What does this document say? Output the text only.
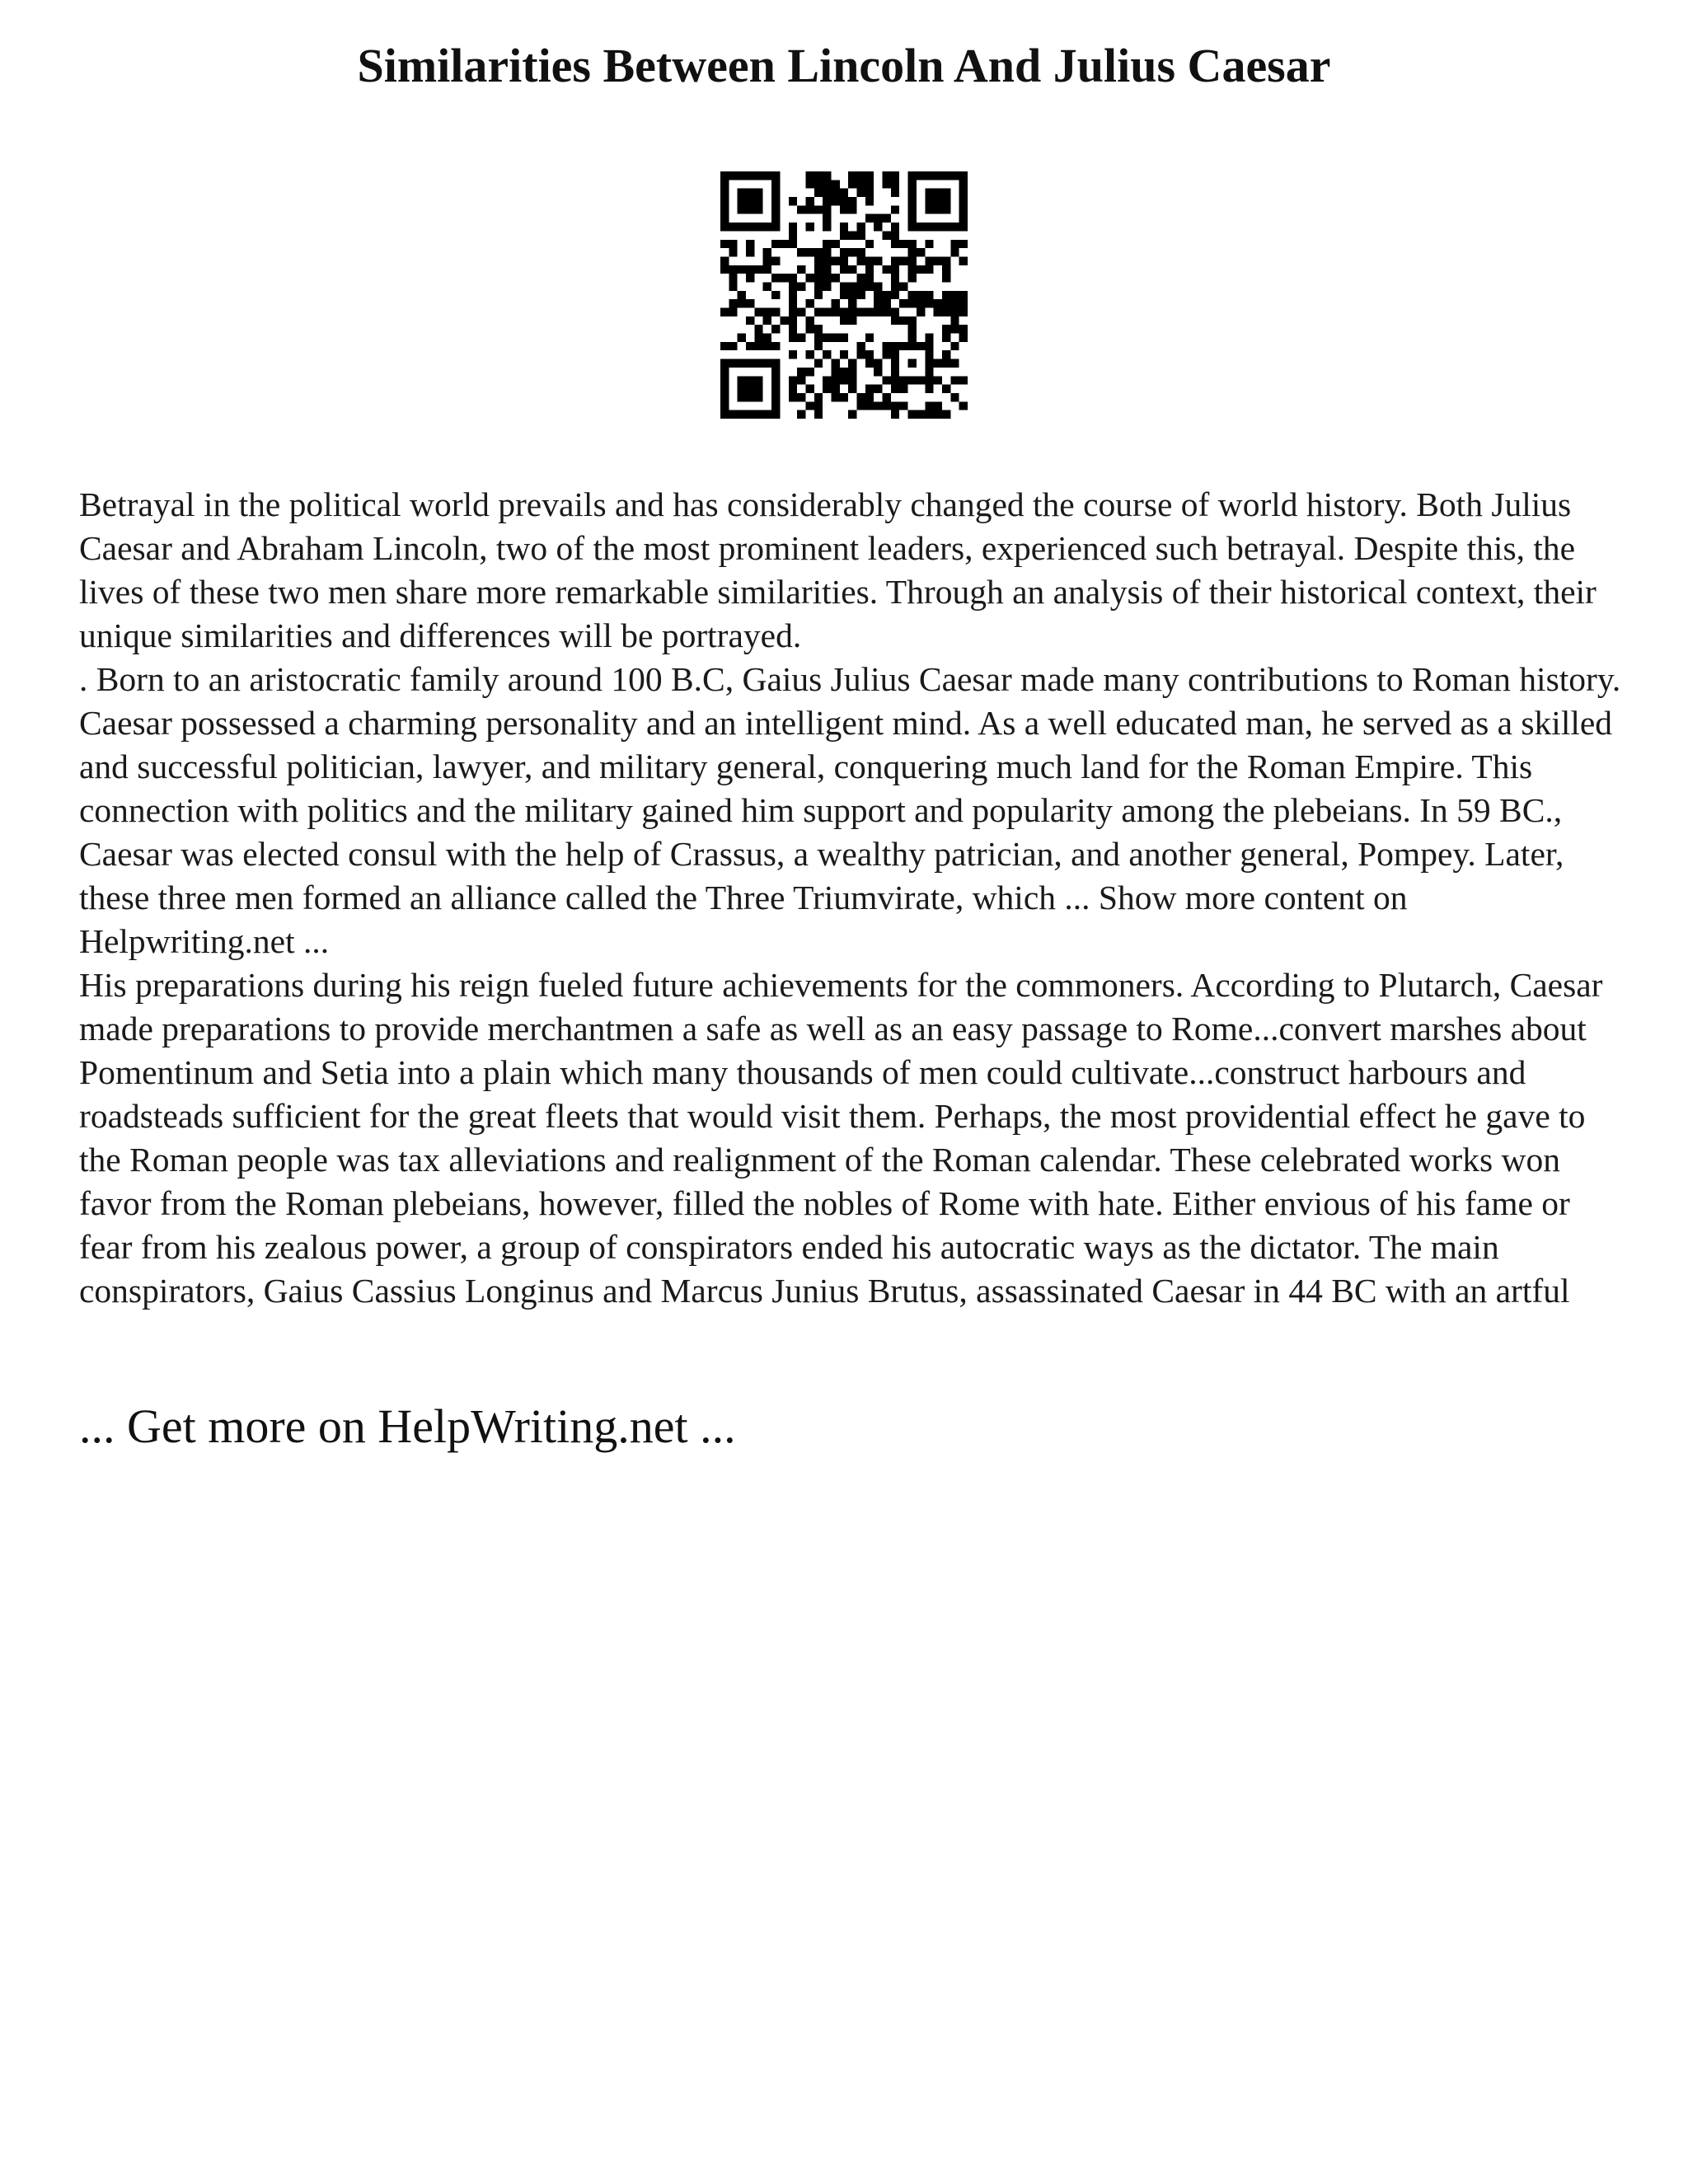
Similarities Between Lincoln And Julius Caesar

Betrayal in the political world prevails and has considerably changed the course of world history. Both Julius Caesar and Abraham Lincoln, two of the most prominent leaders, experienced such betrayal. Despite this, the lives of these two men share more remarkable similarities. Through an analysis of their historical context, their unique similarities and differences will be portrayed.

. Born to an aristocratic family around 100 B.C, Gaius Julius Caesar made many contributions to Roman history. Caesar possessed a charming personality and an intelligent mind. As a well educated man, he served as a skilled and successful politician, lawyer, and military general, conquering much land for the Roman Empire. This connection with politics and the military gained him support and popularity among the plebeians. In 59 BC., Caesar was elected consul with the help of Crassus, a wealthy patrician, and another general, Pompey. Later, these three men formed an alliance called the Three Triumvirate, which ... Show more content on Helpwriting.net ...

His preparations during his reign fueled future achievements for the commoners. According to Plutarch, Caesar made preparations to provide merchantmen a safe as well as an easy passage to Rome...convert marshes about Pomentinum and Setia into a plain which many thousands of men could cultivate...construct harbours and roadsteads sufficient for the great fleets that would visit them. Perhaps, the most providential effect he gave to the Roman people was tax alleviations and realignment of the Roman calendar. These celebrated works won favor from the Roman plebeians, however, filled the nobles of Rome with hate. Either envious of his fame or fear from his zealous power, a group of conspirators ended his autocratic ways as the dictator. The main conspirators, Gaius Cassius Longinus and Marcus Junius Brutus, assassinated Caesar in 44 BC with an artful

... Get more on HelpWriting.net ...
